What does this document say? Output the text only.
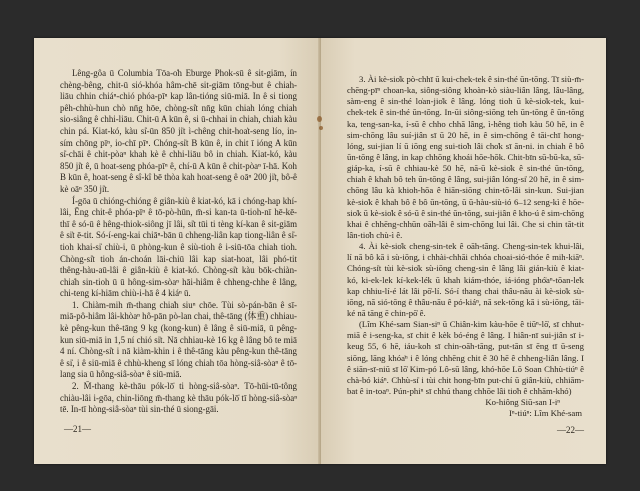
Lêng-gôa ū Columbia Tōa-o̍h Eburge Phok-sū ê sit-giām, ín chèng-bêng, chit-ū sió-khóa hâm-chē sit-giām tōng-but ê chiah-liāu chhin chiáⁿ-chió phóa-pīⁿ kap lân-tióng siū-miā. In ê si tiong pêh-chhù-hun chò nn̄g hōe, chòng-si̍t nn̄g kūn chiah lóng chiah sio-siâng ê chhi-liāu. Chit-ū A kūn ê, si ū-chhai in chiah, chiah kàu chin pá. Kiat-kó, kàu si̍-ūn 850 ji̍t ì-chêng chit-hoa̍t-seng lío, in-sím chōng pīⁿ, io-chī pīⁿ. Chóng-si̍t B kūn ê, in chit ī ióng A kūn si̍-chāi ê chit-pòaⁿ khah kè ê chhi-liāu bô in chiah. Kiat-kó, kàu 850 ji̍t ê, ū hoat-seng phóa-pīⁿ ê, chí-ū A kūn ê chit-pòaⁿ ī-hā. Koh B kūn ê, hoat-seng ê sî-kî bē thòa kah hoat-seng ê oāⁿ 200 ji̍t, bô-ê kè oāⁿ 350 ji̍t.

Í-gōa ū chióng-chióng ê giân-kiù ê kiat-kó, kā i chóng-hap khí-lâi, Ēng chit-ê phóa-pīⁿ ê tō-pò-hūn, m̄-si kan-ta ū-tioh-nī hē-kē-thī ê só-ū ê hêng-thiok-siông jī lâi, si̍t tūi ti tèng kí-kan ê sit-giām ê si̍t ē-tit. Só-í-eng-kai chiāⁿ-bān ū chheng-liân kap tiong-liân ê si̍-tioh khai-si̍ chiù-i, ū phòng-kun ê siù-tioh ê i-siū-tōa chiah tioh. Chòng-si̍t tioh án-choán lāi-chiū lâi kap siat-hoat, lâi phó-tit thêng-hàu-aū-lâi ê giân-kiù ê kiat-kó. Chòng-si̍t kàu bōk-chiàn-chia̍h sin-tioh ū ū hông-sim-sòaⁿ hāi-hiâm ê chheng-chhe ê lâng, chi-teng kí-hiām chiù-i-hā ê 4 kiáⁿ ū.

1. Chiàm-mih m̄-thang chia̍h siuⁿ chōe. Tùi sò-pán-bān ê sī-miā-pô-hiâm lâi-khòaⁿ hô-pān pò-lan chai, thê-tāng (体重) chhiau-kè pêng-kun thê-tāng 9 kg (kong-kun) ê lâng ê siū-miā, ū pêng-kun siū-miā in 1,5 ní chió si̍t. Nā chhiau-kè 16 kg ê lâng bô te miā 4 ní. Chòng-si̍t i nā kiàm-khin i ê thê-tāng kàu pêng-kun thê-tāng ê si̍, i ê siū-miā ê chhù-kheng sī lóng chiah tōa hòng-siâ-sòaⁿ ê tō-lang sia ū hông-siâ-sòaⁿ ê siū-miā.

2. M̄-thang kè-thāu pók-lō̍ ti hòng-siâ-sòaⁿ. Tō-hūi-tū-tông chiàu-lâi i-gōa, chin-liōng m̄-thang kè thāu pók-lō̍ tī hòng-siâ-sòaⁿ tē. In-tī hòng-siâ-sòaⁿ tùi sin-thé ū siong-gāi.

—21—

3. Ài kè-sio̍k pò-chhī ū kui-chek-tek ê sin-thé ūn-tōng. Tī siù-m̄-chēng-pīⁿ choan-ka, siông-siông khoàn-kò siàu-liân lâng, lâu-lâng, sàm-eng ê sin-thé lo̍an-jio̍k ê lâng. lóng tioh ū kè-sio̍k-tek, kui-chek-tek ê sin-thé ūn-tōng. In-ūi siông-siōng teh ūn-tōng ê ūn-tōng ka, teng-san-ka, í-sū ê chho chhā lâng, ì-hêng tio̍h kàu 50 hē, in ê sim-chōng lâu suí-jiân sī ū 20 hē, in ê sim-chōng ê tāi-chī hong-lóng, sui-jian lí ū iōng eng sui-tio̍h lâi cho̍k sī ān-ni. in chiah ê bô ūn-tōng ê lâng, in kap chhōng khoái hōe-hōk. Chit-bīn sū-bū-ka, sū-giáp-ka, í-sū ê chhiau-kè 50 hē, nā-ū kè-sio̍k ê sin-thé ūn-tōng, chiah ê khah bô teh ūn-tōng ê lâng, sui-jiân lóng-si̍ 20 hē, in ê sim-chōng lâu kà khioh-hōa ê hiān-siōng chin-tō-lâi sin-kun. Sui-jian kè-sio̍k ê khah bô ê bô ūn-tōng, ū ū-hàu-siù-ió 6–12 seng-kì ê hōe-sio̍k ū kè-sio̍k ê só-ū ê sin-thé ūn-tōng, sui-jiân ê kho-ú ê sim-chōng khai ê chhēng-chhūn oāh-lâi ê sim-chōng lui lâi. Che si chin tāt-tit lân-tio̍h chù-ì ê.

4. Ài kè-sio̍k cheng-sin-tek ê oāh-tāng. Cheng-sin-tek khui-lâi, lí nā bô kā i sù-iōng, i chhài-chhāi chhóa choai-sió-thóe ê mih-kiāⁿ. Chóng-si̍t tùi kè-sio̍k sù-iōng cheng-sin ê lâng lâi gián-kiù ê kiat-kó, ki-ek-lek kí-kek-lék ū khah kiám-thóe, iá-ióng phó̍aⁿ-tōan-le̍k kap chhiu-lí-é lát lâi pō̍-lí. Só-í thang chai thâu-nāu ài kè-sio̍k sù-iōng, nā sió-tōng ê thâu-nāu ê pó-kiáⁿ, nā sek-tōng kā i sù-iōng, tāi-ké nā tāng ē chin-pō̍ ê.

(Lîm Khé-sam Sian-siⁿ ū Chiân-kim kàu-hōe ê tiūⁿ-lō̍, sī chhut-miā ê i-seng-ka, sī chit ê kèk bó-éng ê lâng. I hiân-nī sui-jiân sī i-keug 55, 6 hē, iáu-koh sī chin-oāh-tāng, put-tān sī ēng tī ū-seng siōng, lāng khóa̍ⁿ i ê lóng chhēng chit ê 30 hē ê chheng-liân lâng. I ê siān-sī-niū sī lō̍ Kim-pó Lô-sū lâng, khó-hōe Lō Soan Chhù-tiúⁿ ê chà-bó kiáⁿ. Chhù-si̍ i tùi chit hong-bīn put-chí ū giân-kiù, chhiām-bat ê in-toaⁿ. Pún-phiⁿ sī chhú thang chhōe lâi tio̍h ê chhām-khó)

Ko-hiông Siū-san I-iⁿ

Iⁿ-tiúⁿ: Lîm Khé-sam

—22—
